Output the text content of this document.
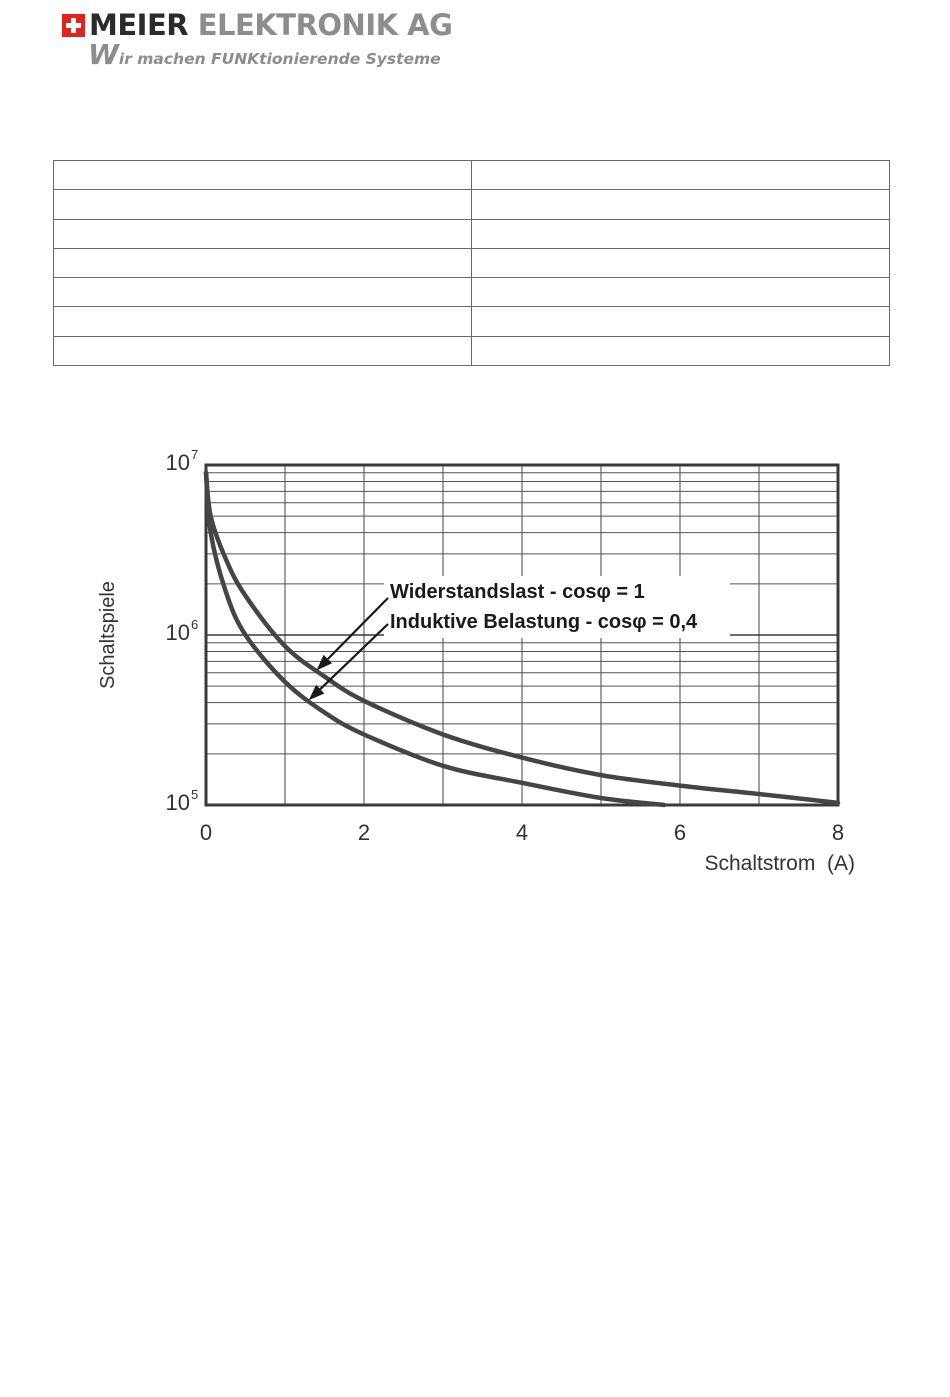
MEIER ELEKTRONIK AG
Wir machen FUNKtionierende Systeme

Widerstandslast - cosφ = 1
Induktive Belastung - cosφ = 0,4
0	2	4	6	8
10 5
10 6
10 7
Schaltstrom  (A)
Schaltspiele
